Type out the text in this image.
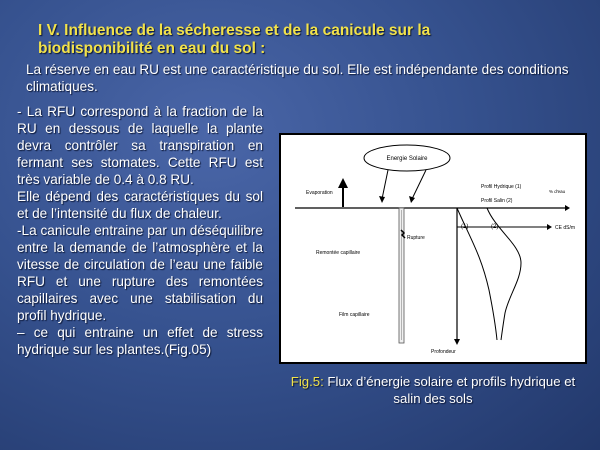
I V. Influence de la sécheresse et de la canicule sur la biodisponibilité en eau du sol :
La réserve en eau RU est une caractéristique du sol. Elle est indépendante des conditions climatiques.

- La RFU correspond à la fraction de la RU en dessous de laquelle la plante devra contrôler sa transpiration en fermant ses stomates. Cette RFU est très variable de 0.4 à 0.8 RU.

Elle dépend des caractéristiques du sol et de l’intensité du flux de chaleur.

-La canicule entraine par un déséquilibre entre la demande de l’atmosphère et la vitesse de circulation de l’eau une faible RFU et une rupture des remontées capillaires avec une stabilisation du profil hydrique.

– ce qui entraine un effet de stress hydrique sur les plantes.(Fig.05)

Energie Solaire
Evaporation
Profil Hydrique (1)
Profil Salin (2)
% d'eau
CE dS/m
Profondeur
(1)	(2)
Rupture
Remontée capillaire
Film capillaire
Fig.5: Flux d’énergie solaire et profils hydrique et salin des sols
